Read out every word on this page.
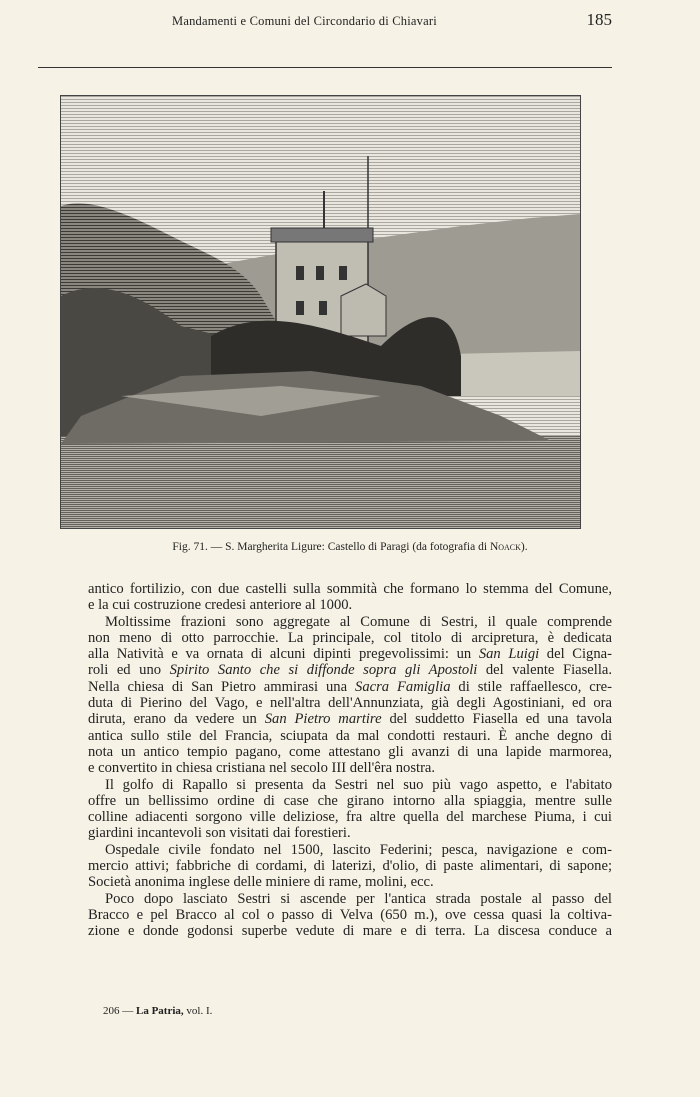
Mandamenti e Comuni del Circondario di Chiavari	185
Fig. 71. — S. Margherita Ligure: Castello di Paragi (da fotografia di Noack).
antico fortilizio, con due castelli sulla sommità che formano lo stemma del Comune,
e la cui costruzione credesi anteriore al 1000.
Moltissime frazioni sono aggregate al Comune di Sestri, il quale comprende
non meno di otto parrocchie. La principale, col titolo di arcipretura, è dedicata
alla Natività e va ornata di alcuni dipinti pregevolissimi: un San Luigi del Cigna-
roli ed uno Spirito Santo che si diffonde sopra gli Apostoli del valente Fiasella.
Nella chiesa di San Pietro ammirasi una Sacra Famiglia di stile raffaellesco, cre-
duta di Pierino del Vago, e nell'altra dell'Annunziata, già degli Agostiniani, ed ora
diruta, erano da vedere un San Pietro martire del suddetto Fiasella ed una tavola
antica sullo stile del Francia, sciupata da mal condotti restauri. È anche degno di
nota un antico tempio pagano, come attestano gli avanzi di una lapide marmorea,
e convertito in chiesa cristiana nel secolo III dell'êra nostra.
Il golfo di Rapallo si presenta da Sestri nel suo più vago aspetto, e l'abitato
offre un bellissimo ordine di case che girano intorno alla spiaggia, mentre sulle
colline adiacenti sorgono ville deliziose, fra altre quella del marchese Piuma, i cui
giardini incantevoli son visitati dai forestieri.
Ospedale civile fondato nel 1500, lascito Federini; pesca, navigazione e com-
mercio attivi; fabbriche di cordami, di laterizi, d'olio, di paste alimentari, di sapone;
Società anonima inglese delle miniere di rame, molini, ecc.
Poco dopo lasciato Sestri si ascende per l'antica strada postale al passo del
Bracco e pel Bracco al col o passo di Velva (650 m.), ove cessa quasi la coltiva-
zione e donde godonsi superbe vedute di mare e di terra. La discesa conduce a
206 — La Patria, vol. I.
